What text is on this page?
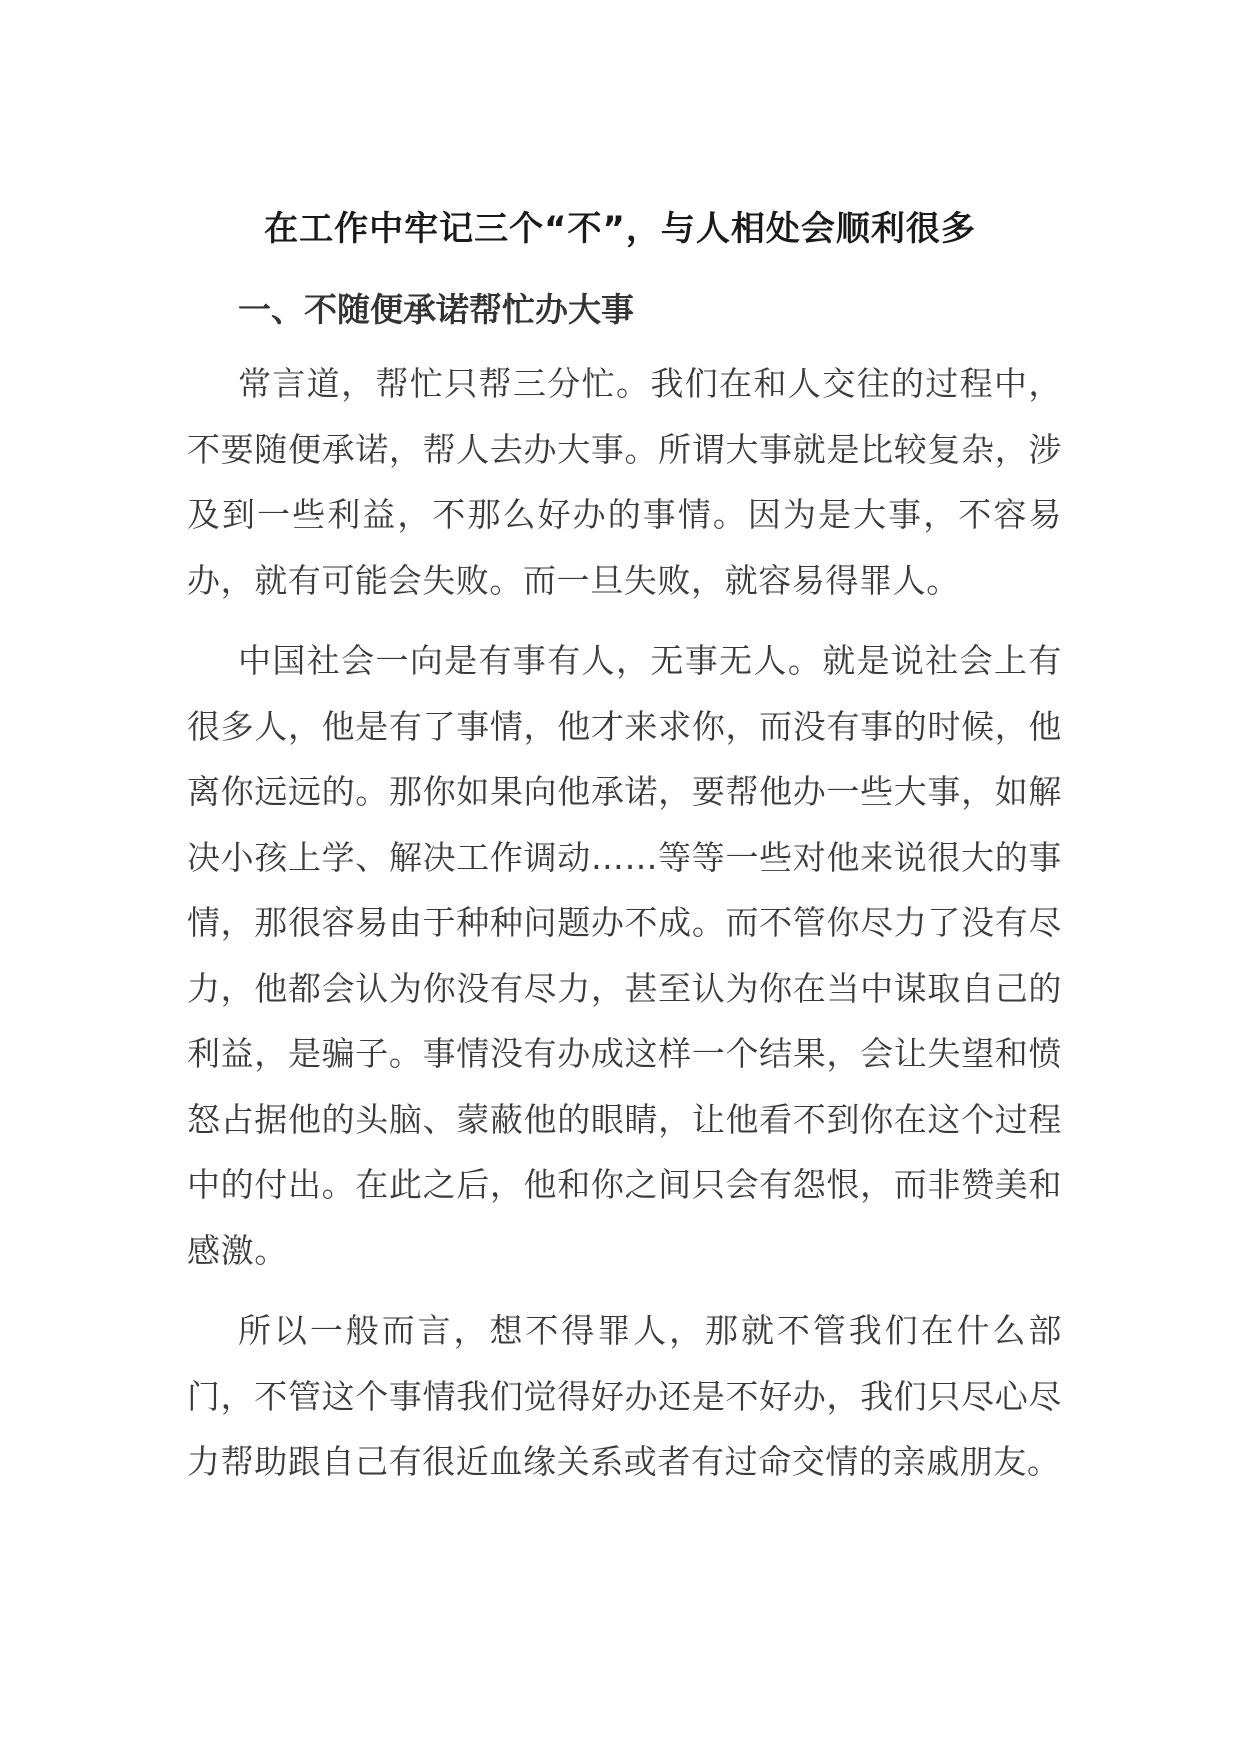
在工作中牢记三个“不”，与人相处会顺利很多
一、不随便承诺帮忙办大事

常言道，帮忙只帮三分忙。我们在和人交往的过程中，不要随便承诺，帮人去办大事。所谓大事就是比较复杂，涉及到一些利益，不那么好办的事情。因为是大事，不容易办，就有可能会失败。而一旦失败，就容易得罪人。

中国社会一向是有事有人，无事无人。就是说社会上有很多人，他是有了事情，他才来求你，而没有事的时候，他离你远远的。那你如果向他承诺，要帮他办一些大事，如解决小孩上学、解决工作调动……等等一些对他来说很大的事情，那很容易由于种种问题办不成。而不管你尽力了没有尽力，他都会认为你没有尽力，甚至认为你在当中谋取自己的利益，是骗子。事情没有办成这样一个结果，会让失望和愤怒占据他的头脑、蒙蔽他的眼睛，让他看不到你在这个过程中的付出。在此之后，他和你之间只会有怨恨，而非赞美和感激。

所以一般而言，想不得罪人，那就不管我们在什么部门，不管这个事情我们觉得好办还是不好办，我们只尽心尽力帮助跟自己有很近血缘关系或者有过命交情的亲戚朋友。
